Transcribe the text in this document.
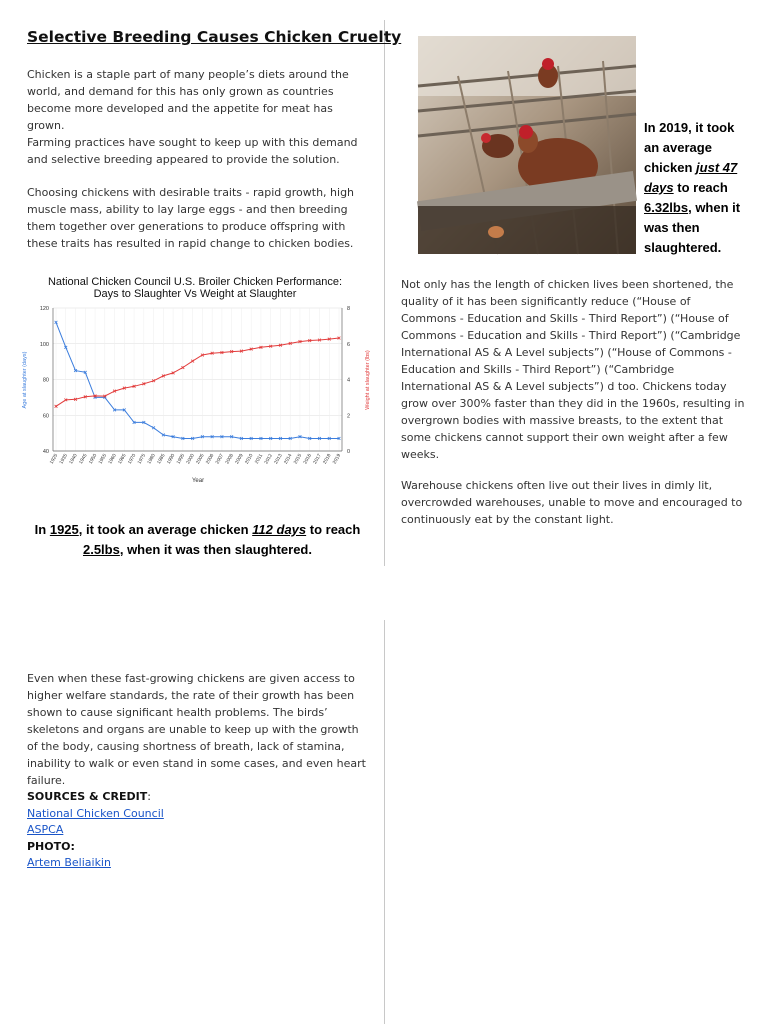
Selective Breeding Causes Chicken Cruelty

Chicken is a staple part of many people’s diets around the world, and demand for this has only grown as countries become more developed and the appetite for meat has grown.

Farming practices have sought to keep up with this demand and selective breeding appeared to provide the solution.

Choosing chickens with desirable traits - rapid growth, high muscle mass, ability to lay large eggs - and then breeding them together over generations to produce offspring with these traits has resulted in rapid change to chicken bodies.

National Chicken Council U.S. Broiler Chicken Performance:
Days to Slaughter Vs Weight at Slaughter
40
60
80
100
120
0
2
4
6
8
1925 1935 1940 1945 1950 1955 1960 1965 1970 1975 1980 1985 1990 1995 2000 2005 2006 2007 2008 2009 2010 2011 2012 2013 2014 2015 2016 2017 2018 2019
Year
Age at slaughter (days)	Weight at slaughter (lbs)
In 1925, it took an average chicken 112 days to reach 2.5lbs, when it was then slaughtered.
In 2019, it took an average chicken just 47 days to reach 6.32lbs, when it was then slaughtered.

Not only has the length of chicken lives been shortened, the quality of it has been significantly reduce (“House of Commons - Education and Skills - Third Report”) (“House of Commons - Education and Skills - Third Report”) (“Cambridge International AS & A Level subjects”) (“House of Commons - Education and Skills - Third Report”) (“Cambridge International AS & A Level subjects”) d too. Chickens today grow over 300% faster than they did in the 1960s, resulting in overgrown bodies with massive breasts, to the extent that some chickens cannot support their own weight after a few weeks.

Warehouse chickens often live out their lives in dimly lit, overcrowded warehouses, unable to move and encouraged to continuously eat by the constant light.

Even when these fast-growing chickens are given access to higher welfare standards, the rate of their growth has been shown to cause significant health problems. The birds’ skeletons and organs are unable to keep up with the growth of the body, causing shortness of breath, lack of stamina, inability to walk or even stand in some cases, and even heart failure.

SOURCES & CREDIT:
National Chicken Council
ASPCA
PHOTO:
Artem Beliaikin
